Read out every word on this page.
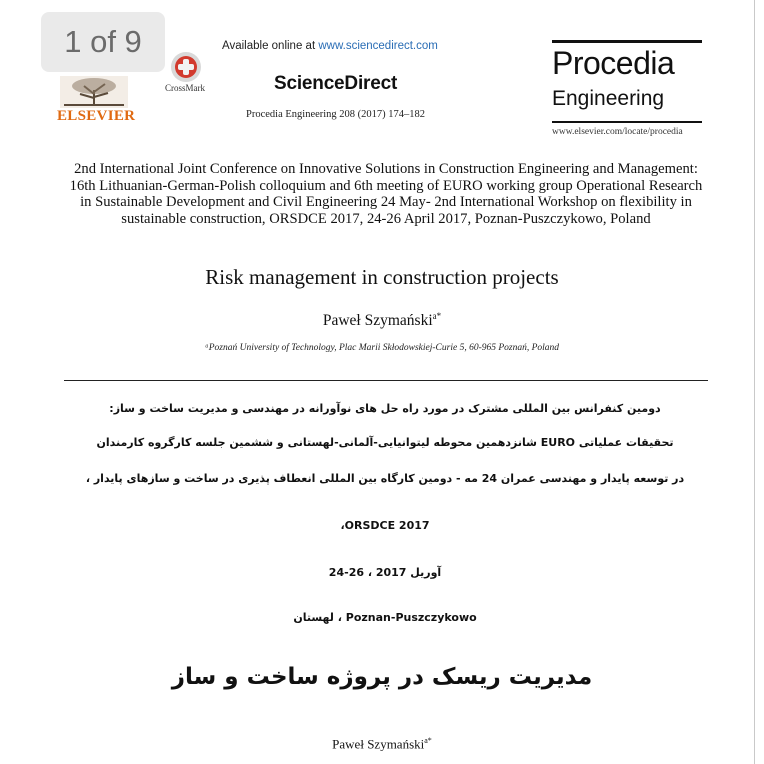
1 of 9
ELSEVIER
CrossMark
Available online at www.sciencedirect.com
ScienceDirect
Procedia Engineering 208 (2017) 174–182
Procedia
Engineering
www.elsevier.com/locate/procedia
2nd International Joint Conference on Innovative Solutions in Construction Engineering and Management: 16th Lithuanian-German-Polish colloquium and 6th meeting of EURO working group Operational Research in Sustainable Development and Civil Engineering 24 May- 2nd International Workshop on flexibility in sustainable construction, ORSDCE 2017, 24-26 April 2017, Poznan-Puszczykowo, Poland
Risk management in construction projects
Paweł Szymański$^{a*}$
ᵃPoznań University of Technology, Plac Marii Skłodowskiej-Curie 5, 60-965 Poznań, Poland
دومین کنفرانس بین المللی مشترک در مورد راه حل های نوآورانه در مهندسی و مدیریت ساخت و ساز:
تحقیقات عملیاتی EURO شانزدهمین محوطه لیتوانیایی-آلمانی-لهستانی و ششمین جلسه کارگروه کارمندان
در توسعه پایدار و مهندسی عمران 24 مه - دومین کارگاه بین المللی انعطاف پذیری در ساخت و سازهای پایدار ،
ORSDCE 2017،
آوریل 2017 ، 26-24
Poznan-Puszczykowo ، لهستان
مدیریت ریسک در پروژه ساخت و ساز
Paweł Szymański$^{a*}$
